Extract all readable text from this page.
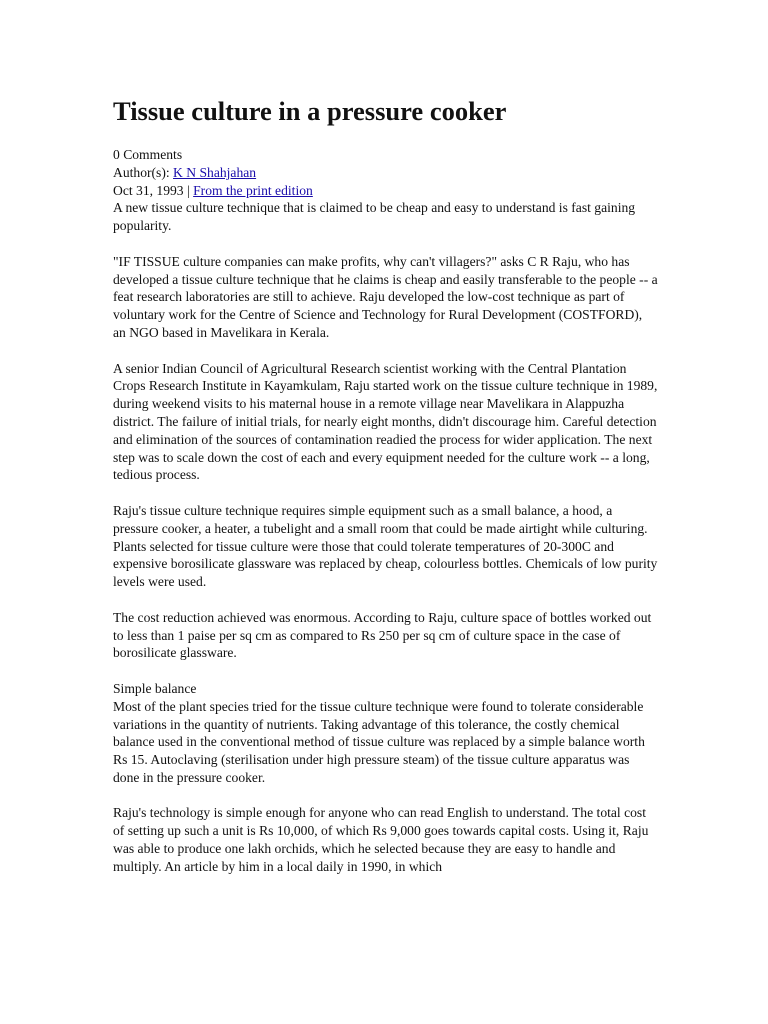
Tissue culture in a pressure cooker
0 Comments
Author(s): K N Shahjahan
Oct 31, 1993 | From the print edition

A new tissue culture technique that is claimed to be cheap and easy to understand is fast gaining popularity.

"IF TISSUE culture companies can make profits, why can't villagers?" asks C R Raju, who has developed a tissue culture technique that he claims is cheap and easily transferable to the people -- a feat research laboratories are still to achieve. Raju developed the low-cost technique as part of voluntary work for the Centre of Science and Technology for Rural Development (COSTFORD), an NGO based in Mavelikara in Kerala.

A senior Indian Council of Agricultural Research scientist working with the Central Plantation Crops Research Institute in Kayamkulam, Raju started work on the tissue culture technique in 1989, during weekend visits to his maternal house in a remote village near Mavelikara in Alappuzha district. The failure of initial trials, for nearly eight months, didn't discourage him. Careful detection and elimination of the sources of contamination readied the process for wider application. The next step was to scale down the cost of each and every equipment needed for the culture work -- a long, tedious process.

Raju's tissue culture technique requires simple equipment such as a small balance, a hood, a pressure cooker, a heater, a tubelight and a small room that could be made airtight while culturing. Plants selected for tissue culture were those that could tolerate temperatures of 20-300C and expensive borosilicate glassware was replaced by cheap, colourless bottles. Chemicals of low purity levels were used.

The cost reduction achieved was enormous. According to Raju, culture space of bottles worked out to less than 1 paise per sq cm as compared to Rs 250 per sq cm of culture space in the case of borosilicate glassware.

Simple balance

Most of the plant species tried for the tissue culture technique were found to tolerate considerable variations in the quantity of nutrients. Taking advantage of this tolerance, the costly chemical balance used in the conventional method of tissue culture was replaced by a simple balance worth Rs 15. Autoclaving (sterilisation under high pressure steam) of the tissue culture apparatus was done in the pressure cooker.

Raju's technology is simple enough for anyone who can read English to understand. The total cost of setting up such a unit is Rs 10,000, of which Rs 9,000 goes towards capital costs. Using it, Raju was able to produce one lakh orchids, which he selected because they are easy to handle and multiply. An article by him in a local daily in 1990, in which
